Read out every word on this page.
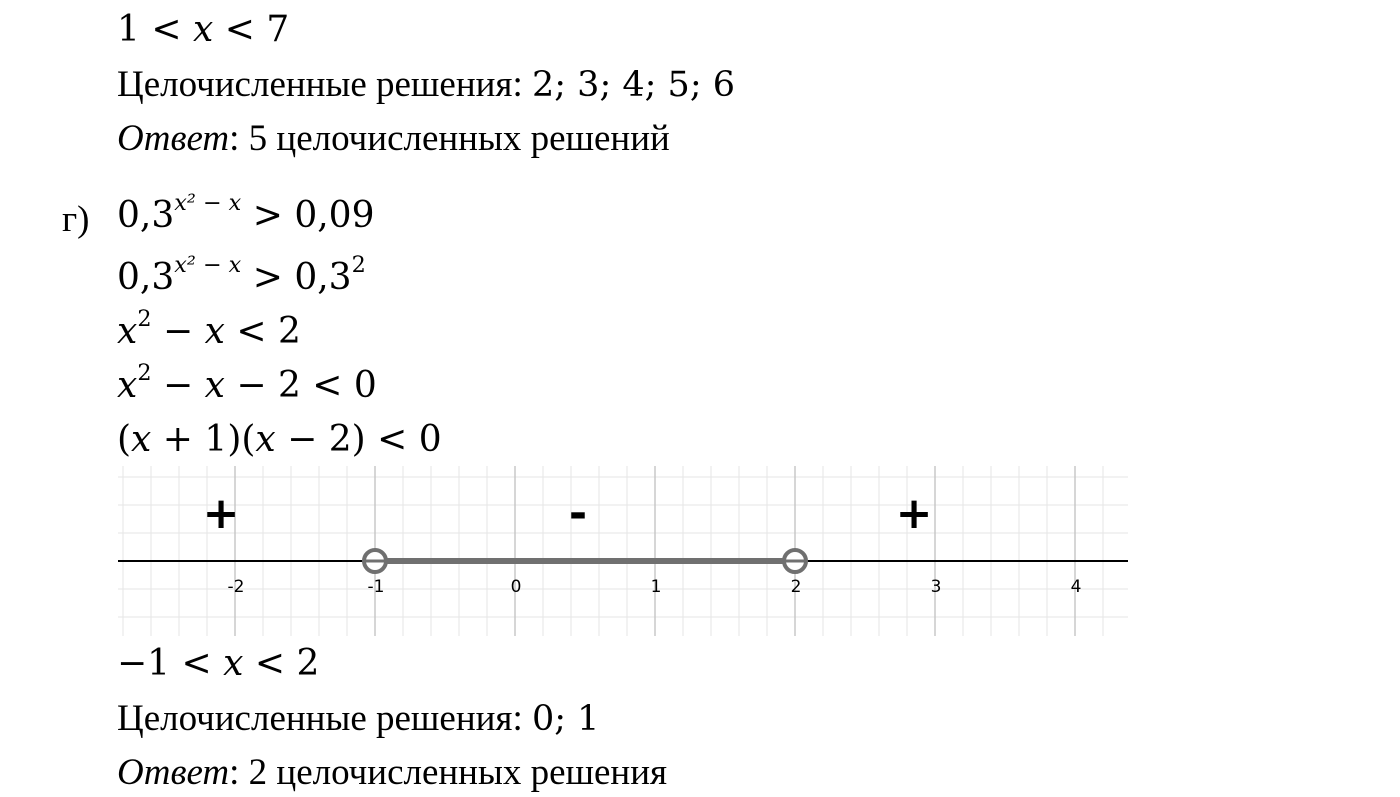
1 < x < 7
Целочисленные решения: 2; 3; 4; 5; 6
Ответ: 5 целочисленных решений
г) $0,3^{x^2 - x} > 0,09$
$0,3^{x^2 - x} > 0,3^2$
$x^2 - x < 2$
$x^2 - x - 2 < 0$
(x + 1)(x − 2) < 0
-2	-1	0	1	2	3	4
+	-	+
−1 < x < 2
Целочисленные решения: 0; 1
Ответ: 2 целочисленных решения
